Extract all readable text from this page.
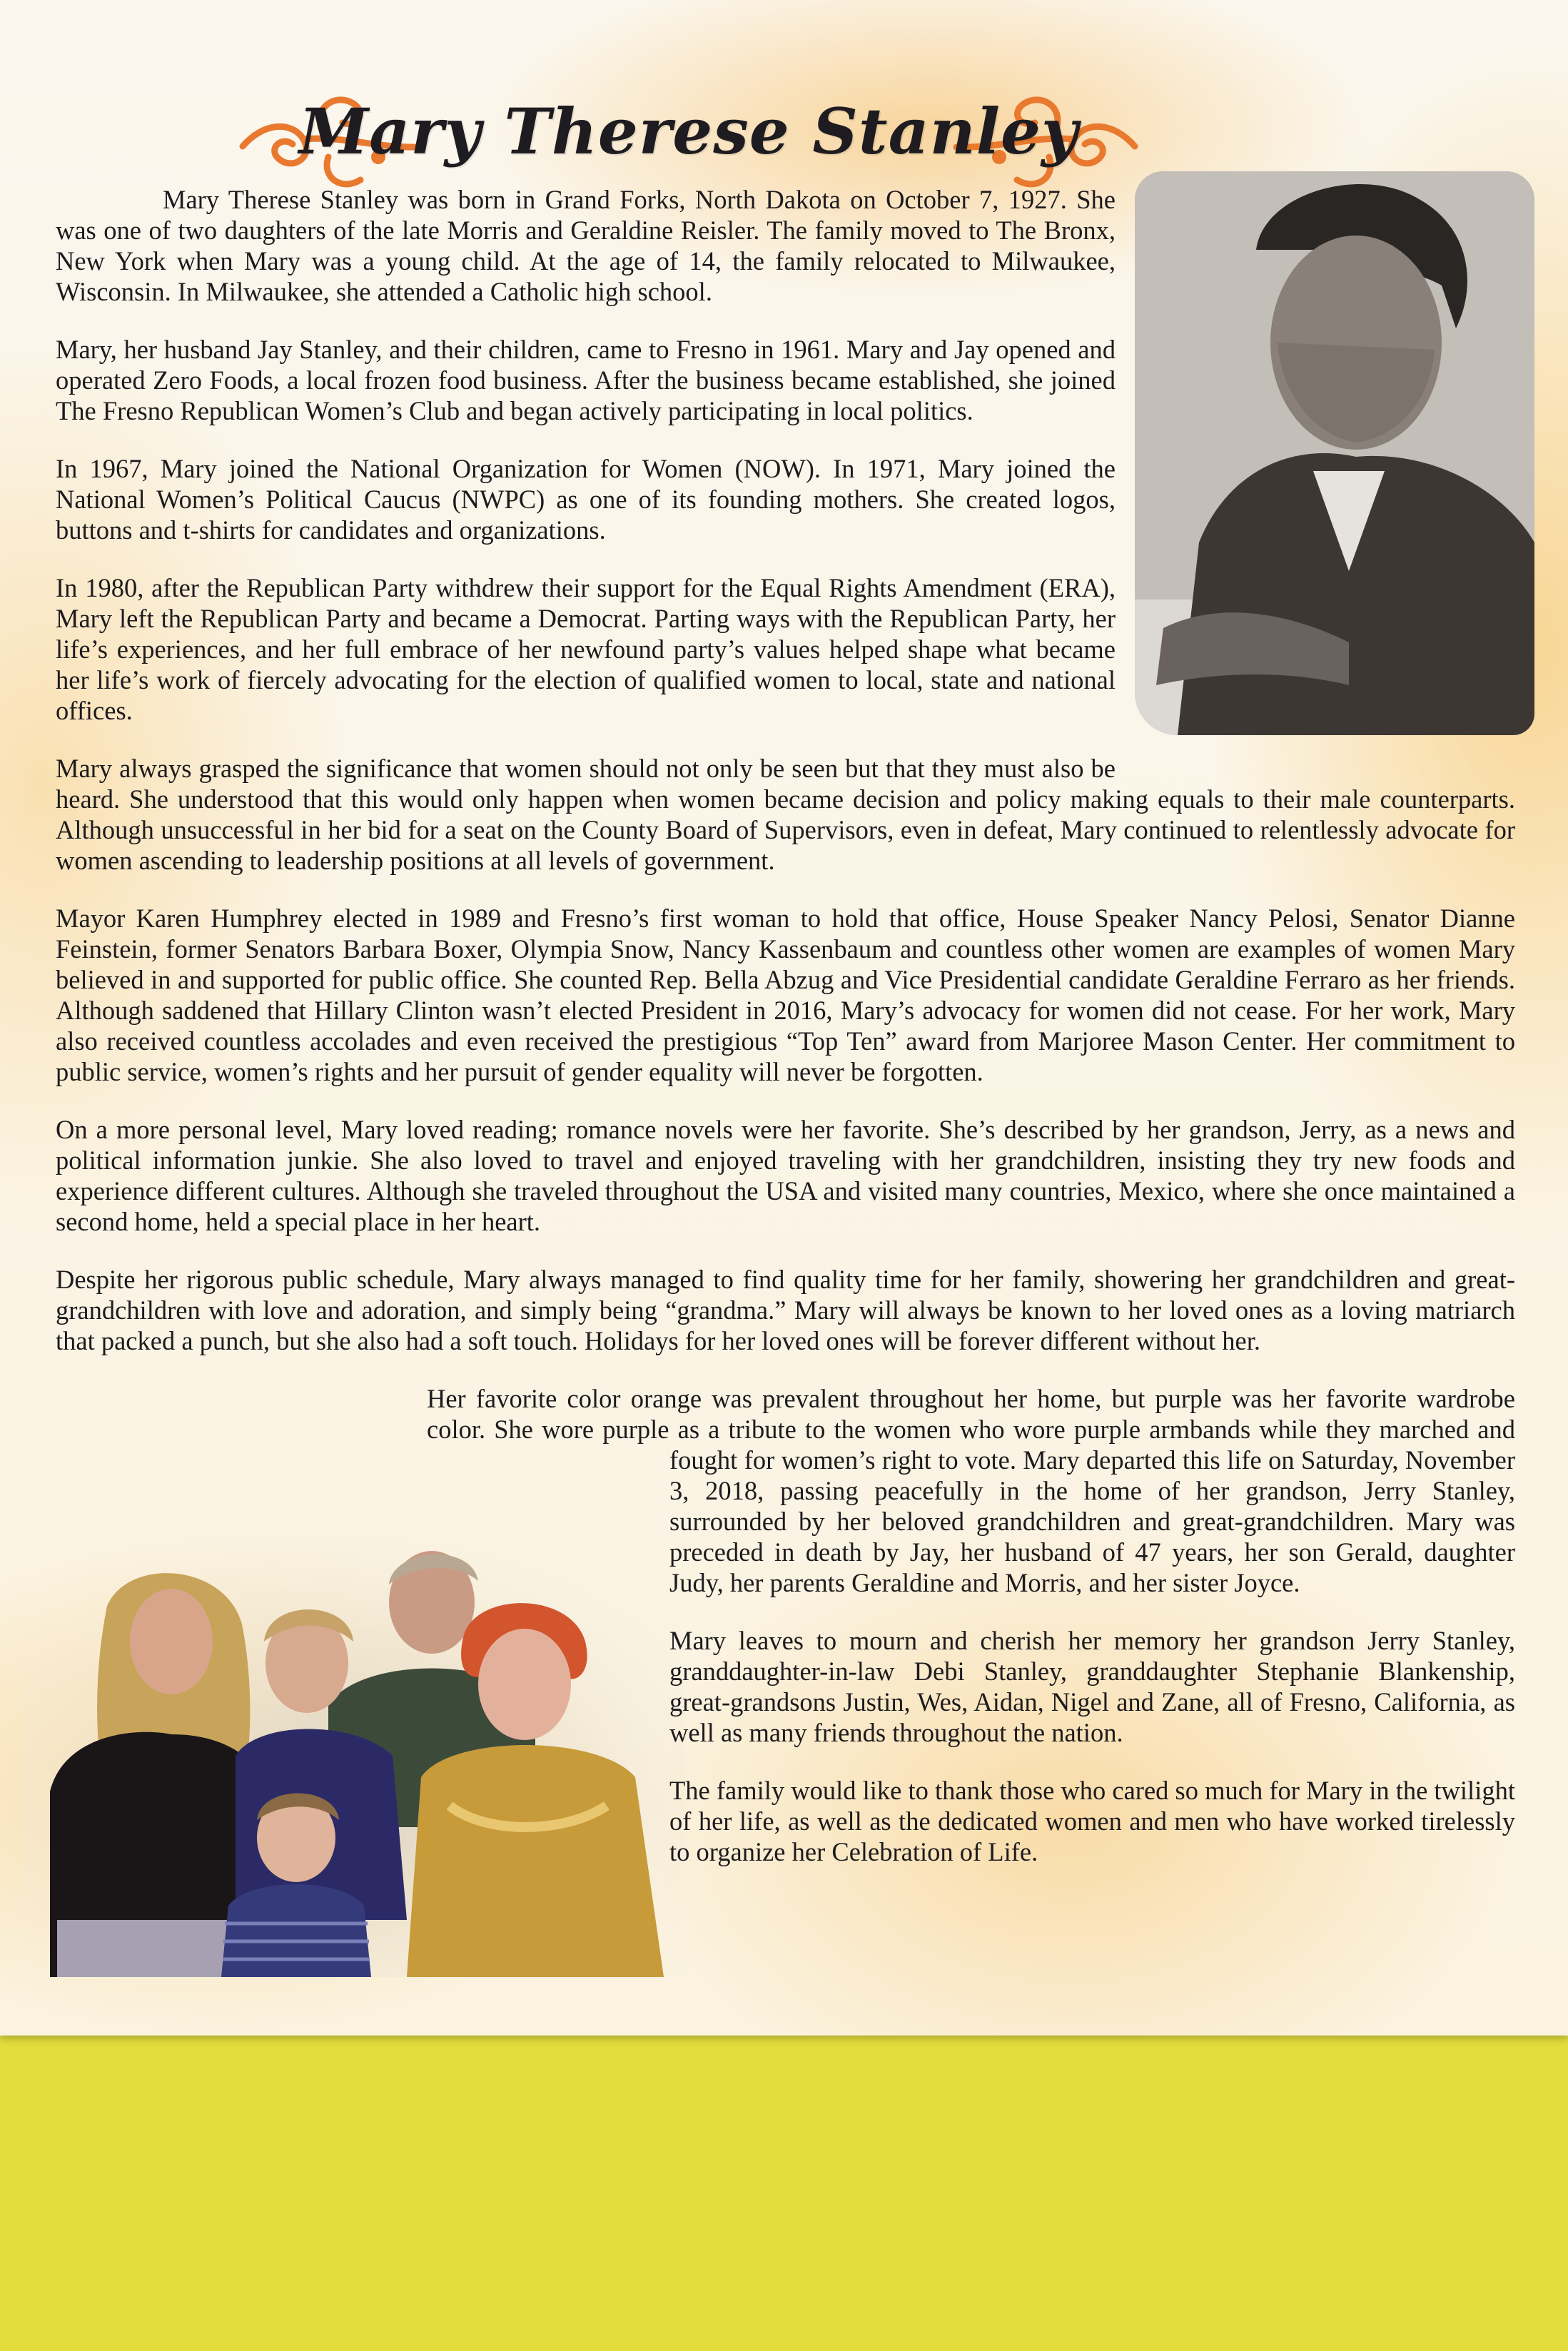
Mary Therese Stanley

Mary Therese Stanley was born in Grand Forks, North Dakota on October 7, 1927. She was one of two daughters of the late Morris and Geraldine Reisler. The family moved to The Bronx, New York when Mary was a young child. At the age of 14, the family relocated to Milwaukee, Wisconsin. In Milwaukee, she attended a Catholic high school.

Mary, her husband Jay Stanley, and their children, came to Fresno in 1961. Mary and Jay opened and operated Zero Foods, a local frozen food business. After the business became established, she joined The Fresno Republican Women’s Club and began actively participating in local politics.

In 1967, Mary joined the National Organization for Women (NOW). In 1971, Mary joined the National Women’s Political Caucus (NWPC) as one of its founding mothers. She created logos, buttons and t-shirts for candidates and organizations.

In 1980, after the Republican Party withdrew their support for the Equal Rights Amendment (ERA), Mary left the Republican Party and became a Democrat. Parting ways with the Republican Party, her life’s experiences, and her full embrace of her newfound party’s values helped shape what became her life’s work of fiercely advocating for the election of qualified women to local, state and national offices.

Mary always grasped the significance that women should not only be seen but that they must also be heard. She understood that this would only happen when women became decision and policy making equals to their male counterparts. Although unsuccessful in her bid for a seat on the County Board of Supervisors, even in defeat, Mary continued to relentlessly advocate for women ascending to leadership positions at all levels of government.

Mayor Karen Humphrey elected in 1989 and Fresno’s first woman to hold that office, House Speaker Nancy Pelosi, Senator Dianne Feinstein, former Senators Barbara Boxer, Olympia Snow, Nancy Kassenbaum and countless other women are examples of women Mary believed in and supported for public office. She counted Rep. Bella Abzug and Vice Presidential candidate Geraldine Ferraro as her friends. Although saddened that Hillary Clinton wasn’t elected President in 2016, Mary’s advocacy for women did not cease. For her work, Mary also received countless accolades and even received the prestigious “Top Ten” award from Marjoree Mason Center. Her commitment to public service, women’s rights and her pursuit of gender equality will never be forgotten.

On a more personal level, Mary loved reading; romance novels were her favorite. She’s described by her grandson, Jerry, as a news and political information junkie. She also loved to travel and enjoyed traveling with her grandchildren, insisting they try new foods and experience different cultures. Although she traveled throughout the USA and visited many countries, Mexico, where she once maintained a second home, held a special place in her heart.

Despite her rigorous public schedule, Mary always managed to find quality time for her family, showering her grandchildren and great-grandchildren with love and adoration, and simply being “grandma.” Mary will always be known to her loved ones as a loving matriarch that packed a punch, but she also had a soft touch. Holidays for her loved ones will be forever different without her.

Her favorite color orange was prevalent throughout her home, but purple was her favorite wardrobe color. She wore purple as a tribute to the women who wore purple armbands while they marched and fought for women’s right to vote. Mary departed this life on Saturday, November 3, 2018, passing peacefully in the home of her grandson, Jerry Stanley, surrounded by her beloved grandchildren and great-grandchildren. Mary was preceded in death by Jay, her husband of 47 years, her son Gerald, daughter Judy, her parents Geraldine and Morris, and her sister Joyce.

Mary leaves to mourn and cherish her memory her grandson Jerry Stanley, granddaughter-in-law Debi Stanley, granddaughter Stephanie Blankenship, great-grandsons Justin, Wes, Aidan, Nigel and Zane, all of Fresno, California, as well as many friends throughout the nation.

The family would like to thank those who cared so much for Mary in the twilight of her life, as well as the dedicated women and men who have worked tirelessly to organize her Celebration of Life.
